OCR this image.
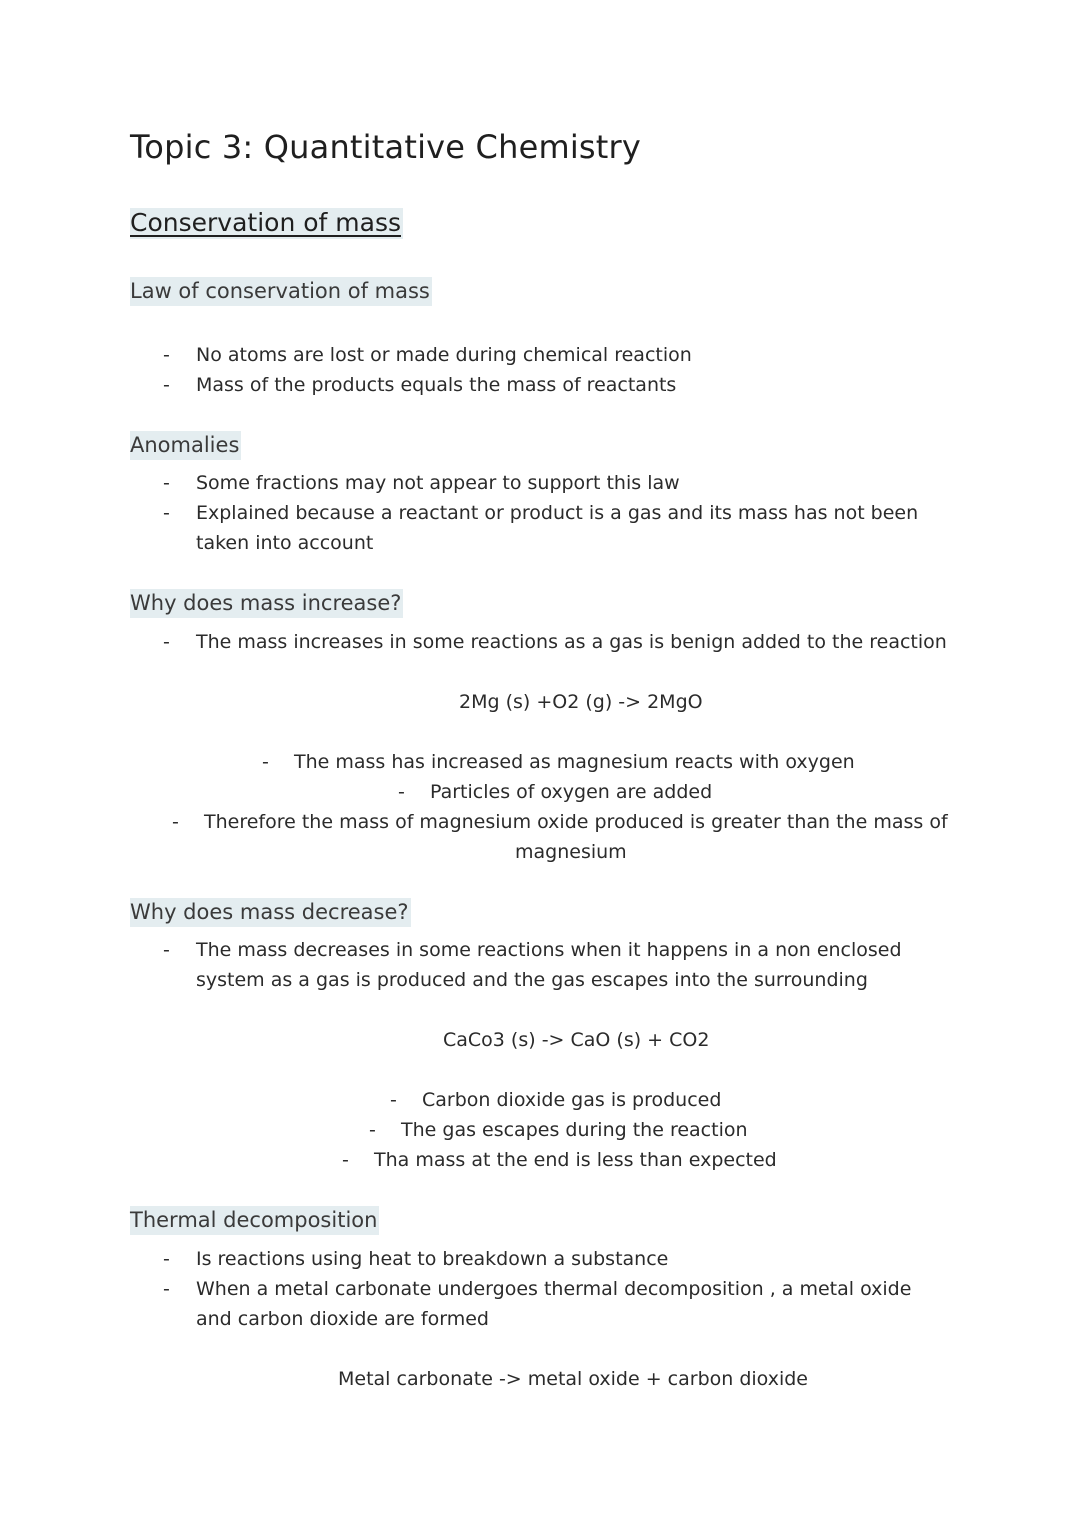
Topic 3: Quantitative Chemistry
Conservation of mass
Law of conservation of mass
- No atoms are lost or made during chemical reaction
- Mass of the products equals the mass of reactants
Anomalies
- Some fractions may not appear to support this law
- Explained because a reactant or product is a gas and its mass has not been
taken into account
Why does mass increase?
- The mass increases in some reactions as a gas is benign added to the reaction
2Mg (s) +O2 (g) -> 2MgO
- The mass has increased as magnesium reacts with oxygen
- Particles of oxygen are added
- Therefore the mass of magnesium oxide produced is greater than the mass of
magnesium
Why does mass decrease?
- The mass decreases in some reactions when it happens in a non enclosed
system as a gas is produced and the gas escapes into the surrounding
CaCo3 (s) -> CaO (s) + CO2
- Carbon dioxide gas is produced
- The gas escapes during the reaction
- Tha mass at the end is less than expected
Thermal decomposition
- Is reactions using heat to breakdown a substance
- When a metal carbonate undergoes thermal decomposition , a metal oxide
and carbon dioxide are formed
Metal carbonate -> metal oxide + carbon dioxide
